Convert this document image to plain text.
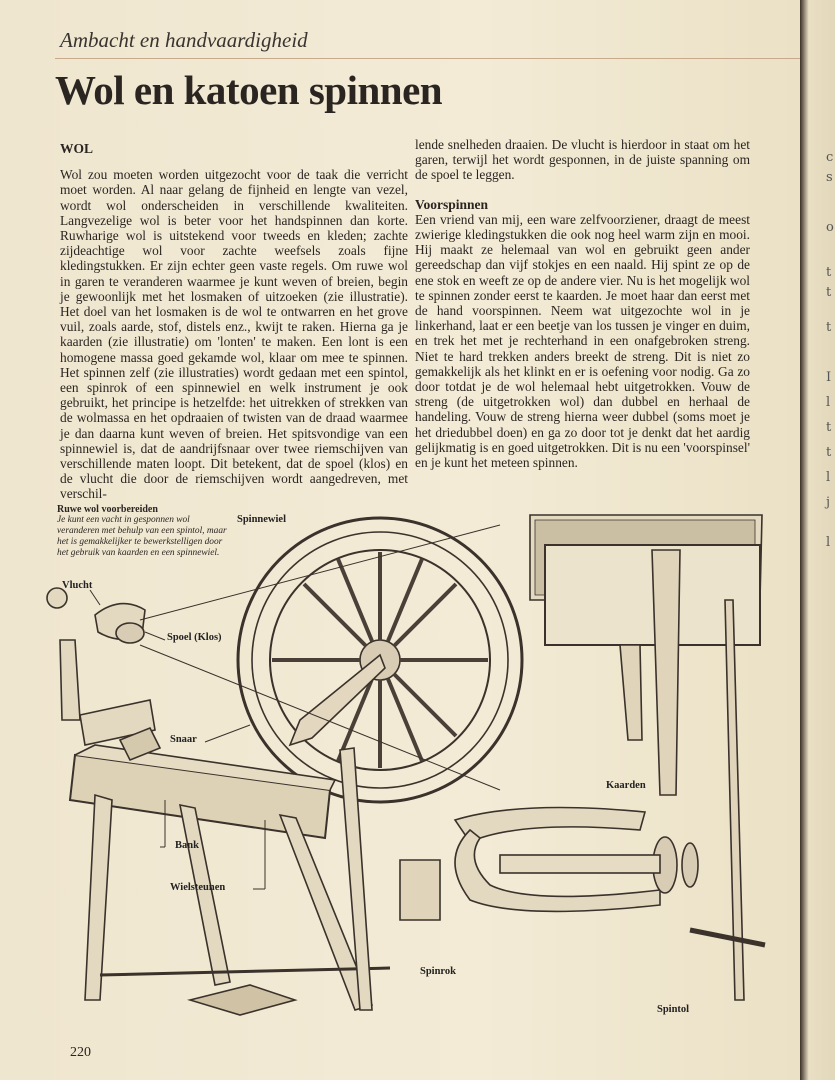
c
s
o
t
t
t
I
l
t
t
l
j
l
Ambacht en handvaardigheid
Wol en katoen spinnen
WOL

Wol zou moeten worden uitgezocht voor de taak die verricht moet worden. Al naar gelang de fijnheid en lengte van vezel, wordt wol onderscheiden in verschillende kwaliteiten. Langvezelige wol is beter voor het handspinnen dan korte. Ruwharige wol is uitstekend voor tweeds en kleden; zachte zijdeachtige wol voor zachte weefsels zoals fijne kledingstukken. Er zijn echter geen vaste regels. Om ruwe wol in garen te veranderen waarmee je kunt weven of breien, begin je gewoonlijk met het losmaken of uitzoeken (zie illustratie). Het doel van het losmaken is de wol te ontwarren en het grove vuil, zoals aarde, stof, distels enz., kwijt te raken. Hierna ga je kaarden (zie illustratie) om 'lonten' te maken. Een lont is een homogene massa goed gekamde wol, klaar om mee te spinnen. Het spinnen zelf (zie illustraties) wordt gedaan met een spintol, een spinrok of een spinnewiel en welk instrument je ook gebruikt, het principe is hetzelfde: het uitrekken of strekken van de wolmassa en het opdraaien of twisten van de draad waarmee je dan daarna kunt weven of breien. Het spitsvondige van een spinnewiel is, dat de aandrijfsnaar over twee riemschijven van verschillende maten loopt. Dit betekent, dat de spoel (klos) en de vlucht die door de riemschijven wordt aangedreven, met verschil-

lende snelheden draaien. De vlucht is hierdoor in staat om het garen, terwijl het wordt gesponnen, in de juiste spanning om de spoel te leggen.

Voorspinnen

Een vriend van mij, een ware zelfvoorziener, draagt de meest zwierige kledingstukken die ook nog heel warm zijn en mooi. Hij maakt ze helemaal van wol en gebruikt geen ander gereedschap dan vijf stokjes en een naald. Hij spint ze op de ene stok en weeft ze op de andere vier. Nu is het mogelijk wol te spinnen zonder eerst te kaarden. Je moet haar dan eerst met de hand voorspinnen. Neem wat uitgezochte wol in je linkerhand, laat er een beetje van los tussen je vinger en duim, en trek het met je rechterhand in een onafgebroken streng. Niet te hard trekken anders breekt de streng. Dit is niet zo gemakkelijk als het klinkt en er is oefening voor nodig. Ga zo door totdat je de wol helemaal hebt uitgetrokken. Vouw de streng (de uitgetrokken wol) dan dubbel en herhaal de handeling. Vouw de streng hierna weer dubbel (soms moet je het driedubbel doen) en ga zo door tot je denkt dat het aardig gelijkmatig is en goed uitgetrokken. Dit is nu een 'voorspinsel' en je kunt het meteen spinnen.

Ruwe wol voorbereiden
Je kunt een vacht in gesponnen wol veranderen met behulp van een spintol, maar het is gemakkelijker te bewerkstelligen door het gebruik van kaarden en een spinnewiel.
Spinnewiel
Vlucht
Spoel (Klos)
Snaar
Bank
Wielsteunen
Kaarden
Spinrok
Spintol
220
